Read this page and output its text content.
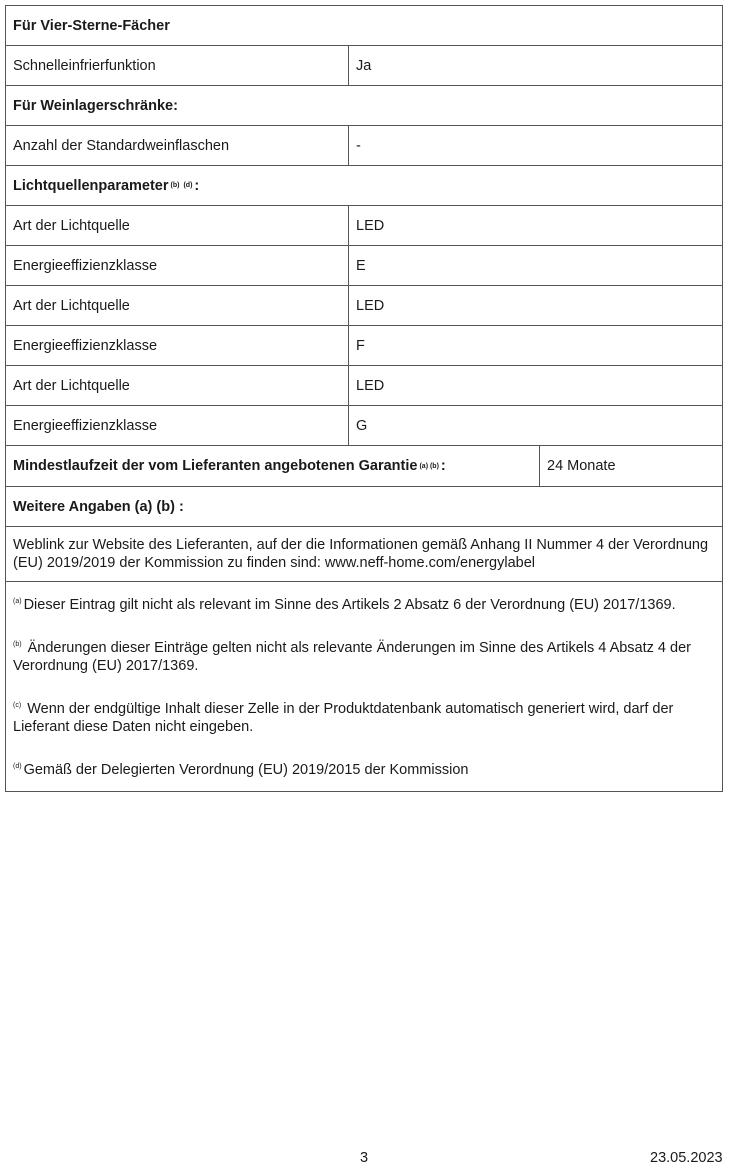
Für Vier-Sterne-Fächer
Schnelleinfrierfunktion	Ja
Für Weinlagerschränke:
Anzahl der Standardweinflaschen	-
Lichtquellenparameter (b) (d) :
Art der Lichtquelle	LED
Energieeffizienzklasse	E
Art der Lichtquelle	LED
Energieeffizienzklasse	F
Art der Lichtquelle	LED
Energieeffizienzklasse	G
Mindestlaufzeit der vom Lieferanten angebotenen Garantie (a) (b) :	24 Monate
Weitere Angaben (a) (b) :
Weblink zur Website des Lieferanten, auf der die Informationen gemäß Anhang II Nummer 4 der Verordnung (EU) 2019/2019 der Kommission zu finden sind: www.neff-home.com/energylabel
$^{(a)}$ Dieser Eintrag gilt nicht als relevant im Sinne des Artikels 2 Absatz 6 der Verordnung (EU) 2017/1369.
$^{(b)}$ Änderungen dieser Einträge gelten nicht als relevante Änderungen im Sinne des Artikels 4 Absatz 4 der Verordnung (EU) 2017/1369.
$^{(c)}$ Wenn der endgültige Inhalt dieser Zelle in der Produktdatenbank automatisch generiert wird, darf der Lieferant diese Daten nicht eingeben.
$^{(d)}$ Gemäß der Delegierten Verordnung (EU) 2019/2015 der Kommission
3	23.05.2023
